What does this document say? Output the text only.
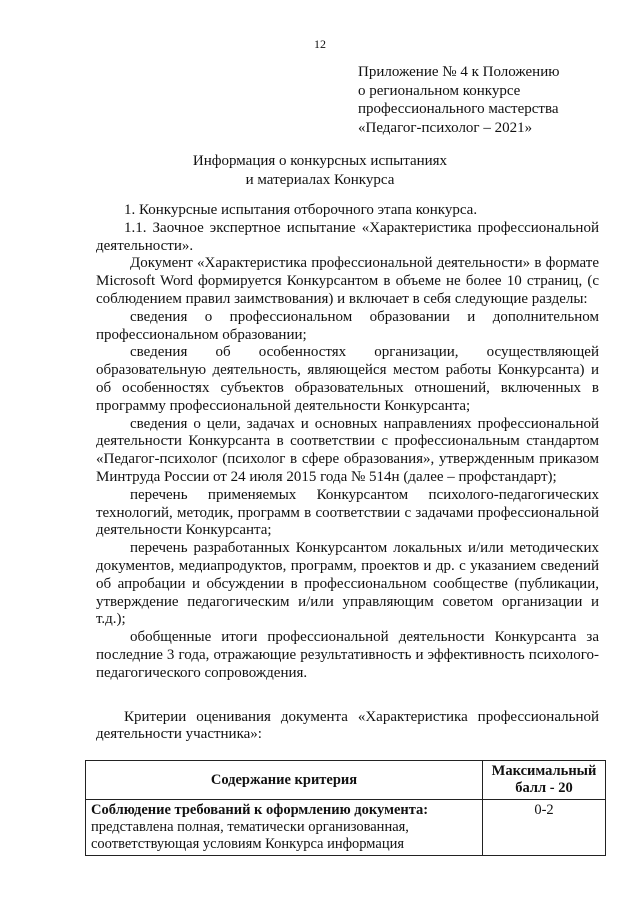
12
Приложение № 4 к Положению
о региональном конкурсе
профессионального мастерства
«Педагог-психолог – 2021»
Информация о конкурсных испытаниях
и материалах Конкурса

1. Конкурсные испытания отборочного этапа конкурса.

1.1. Заочное экспертное испытание «Характеристика профессиональной деятельности».

Документ «Характеристика профессиональной деятельности» в формате Microsoft Word формируется Конкурсантом в объеме не более 10 страниц, (с соблюдением правил заимствования) и включает в себя следующие разделы:

сведения о профессиональном образовании и дополнительном профессиональном образовании;

сведения об особенностях организации, осуществляющей образовательную деятельность, являющейся местом работы Конкурсанта) и об особенностях субъектов образовательных отношений, включенных в программу профессиональной деятельности Конкурсанта;

сведения о цели, задачах и основных направлениях профессиональной деятельности Конкурсанта в соответствии с профессиональным стандартом «Педагог-психолог (психолог в сфере образования», утвержденным приказом Минтруда России от 24 июля 2015 года № 514н (далее – профстандарт);

перечень применяемых Конкурсантом психолого-педагогических технологий, методик, программ в соответствии с задачами профессиональной деятельности Конкурсанта;

перечень разработанных Конкурсантом локальных и/или методических документов, медиапродуктов, программ, проектов и др. с указанием сведений об апробации и обсуждении в профессиональном сообществе (публикации, утверждение педагогическим и/или управляющим советом организации и т.д.);

обобщенные итоги профессиональной деятельности Конкурсанта за последние 3 года, отражающие результативность и эффективность психолого-педагогического сопровождения.

Критерии оценивания документа «Характеристика профессиональной деятельности участника»:

Содержание критерия	Максимальный балл - 20
Соблюдение требований к оформлению документа: представлена полная, тематически организованная, соответствующая условиям Конкурса информация	0-2
